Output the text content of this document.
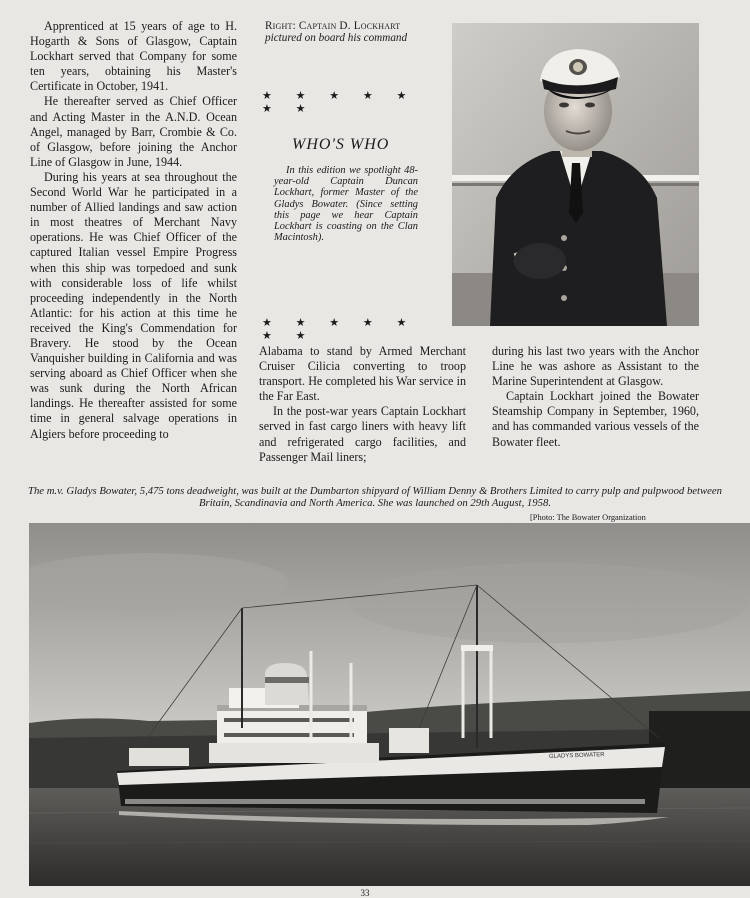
Apprenticed at 15 years of age to H. Hogarth & Sons of Glasgow, Captain Lockhart served that Company for some ten years, obtaining his Master's Certificate in October, 1941.

He thereafter served as Chief Officer and Acting Master in the A.N.D. Ocean Angel, managed by Barr, Crombie & Co. of Glasgow, before joining the Anchor Line of Glasgow in June, 1944.

During his years at sea throughout the Second World War he participated in a number of Allied landings and saw action in most theatres of Merchant Navy operations. He was Chief Officer of the captured Italian vessel Empire Progress when this ship was torpedoed and sunk with considerable loss of life whilst proceeding independently in the North Atlantic: for his action at this time he received the King's Commendation for Bravery. He stood by the Ocean Vanquisher building in California and was serving aboard as Chief Officer when she was sunk during the North African landings. He thereafter assisted for some time in general salvage operations in Algiers before proceeding to

Right: Captain D. Lockhart
pictured on board his command
★ ★ ★ ★ ★ ★ ★
WHO'S WHO
In this edition we spotlight 48-year-old Captain Duncan Lockhart, former Master of the Gladys Bowater. (Since setting this page we hear Captain Lockhart is coasting on the Clan Macintosh).
★ ★ ★ ★ ★ ★ ★

Alabama to stand by Armed Merchant Cruiser Cilicia converting to troop transport. He completed his War service in the Far East.

In the post-war years Captain Lockhart served in fast cargo liners with heavy lift and refrigerated cargo facilities, and Passenger Mail liners;

during his last two years with the Anchor Line he was ashore as Assistant to the Marine Superintendent at Glasgow.

Captain Lockhart joined the Bowater Steamship Company in September, 1960, and has commanded various vessels of the Bowater fleet.

The m.v. Gladys Bowater, 5,475 tons deadweight, was built at the Dumbarton shipyard of William Denny & Brothers Limited to carry pulp and pulpwood between Britain, Scandinavia and North America. She was launched on 29th August, 1958.
[Photo: The Bowater Organization
GLADYS BOWATER
33
